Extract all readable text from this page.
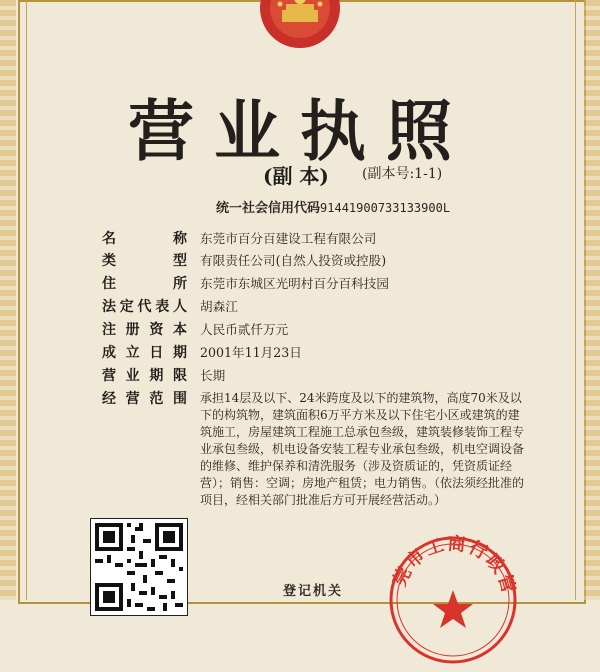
营业执照
(副 本) (副本号:1-1)
统一社会信用代码91441900733133900L
名称 东莞市百分百建设工程有限公司
类型 有限责任公司(自然人投资或控股)
住所 东莞市东城区光明村百分百科技园
法定代表人 胡森江
注册资本 人民币贰仟万元
成立日期 2001年11月23日
营业期限 长期
经营范围 承担14层及以下、24米跨度及以下的建筑物，高度70米及以下的构筑物，建筑面积6万平方米及以下住宅小区或建筑的建筑施工，房屋建筑工程施工总承包叁级，建筑装修装饰工程专业承包叁级，机电设备安装工程专业承包叁级，机电空调设备的维修、维护保养和清洗服务（涉及资质证的，凭资质证经营）；销售：空调；房地产租赁；电力销售。（依法须经批准的项目，经相关部门批准后方可开展经营活动。）
登记机关
莞市工商行政管
